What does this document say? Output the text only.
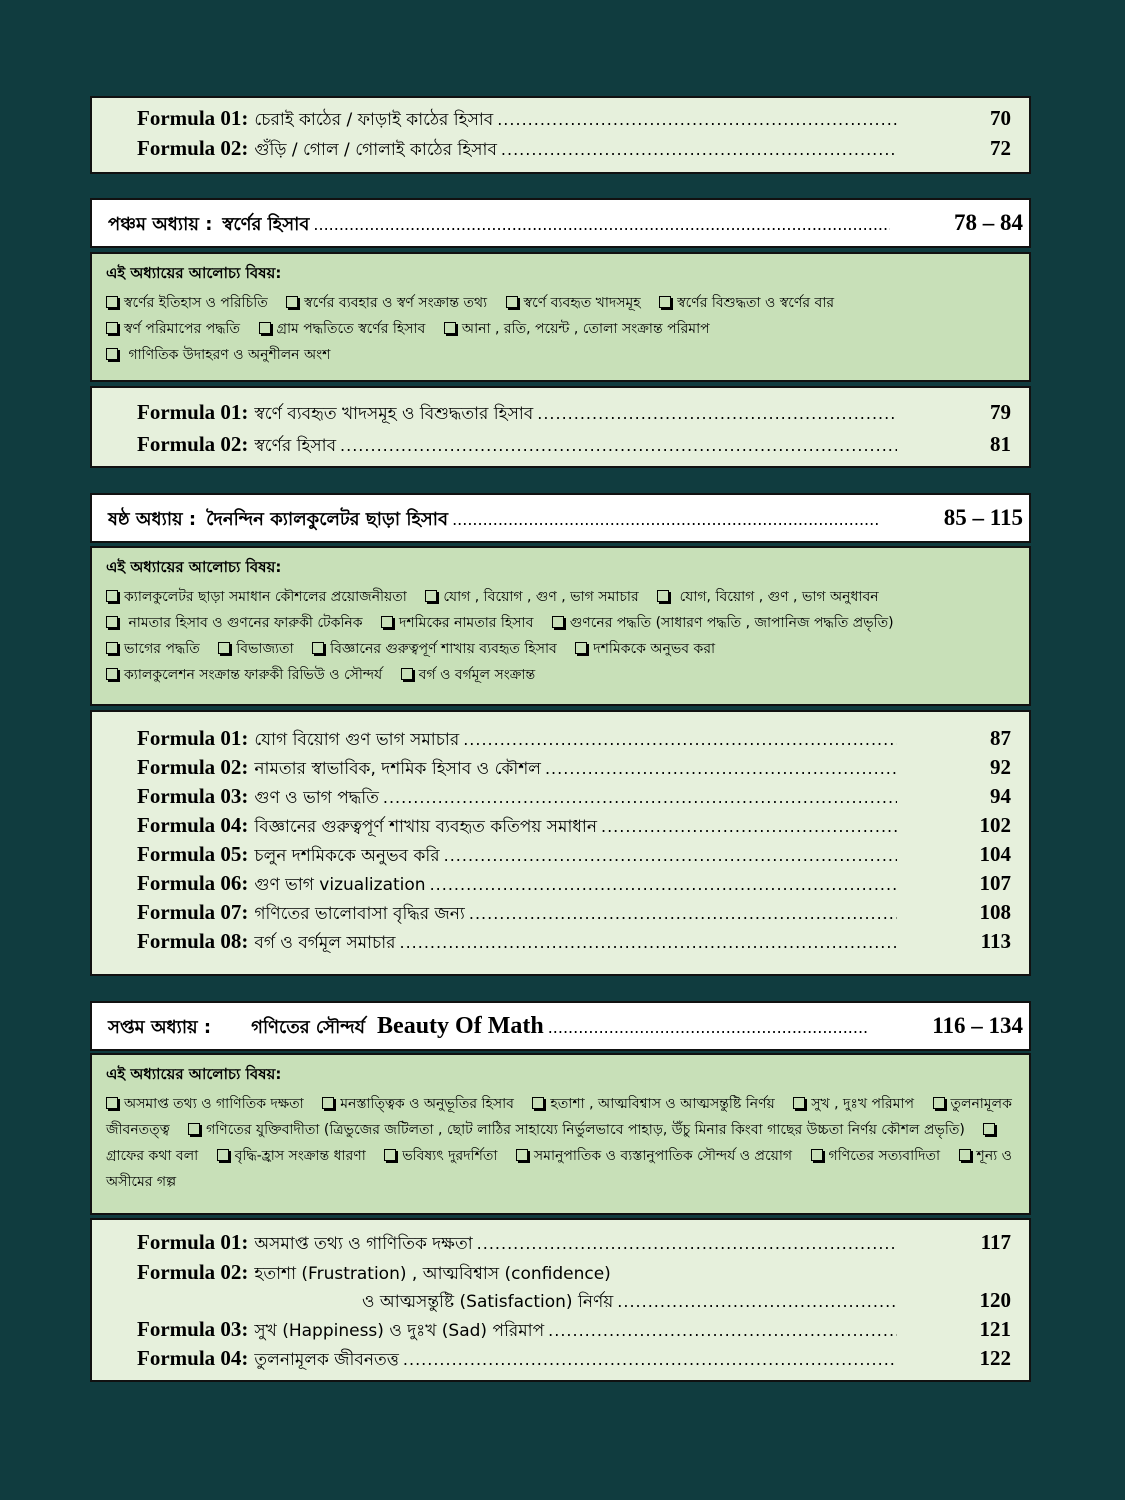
Formula 01: চেরাই কাঠের / ফাড়াই কাঠের হিসাব .....	70
Formula 02: গুঁড়ি / গোল / গোলাই কাঠের হিসাব .....	72
পঞ্চম অধ্যায় : স্বর্ণের হিসাব .....	78 – 84
এই অধ্যায়ের আলোচ্য বিষয়:
স্বর্ণের ইতিহাস ও পরিচিতি	স্বর্ণের ব্যবহার ও স্বর্ণ সংক্রান্ত তথ্য	স্বর্ণে ব্যবহৃত খাদসমূহ	স্বর্ণের বিশুদ্ধতা ও স্বর্ণের বার
স্বর্ণ পরিমাপের পদ্ধতি	গ্রাম পদ্ধতিতে স্বর্ণের হিসাব	আনা , রতি, পয়েন্ট , তোলা সংক্রান্ত পরিমাপ
গাণিতিক উদাহরণ ও অনুশীলন অংশ
Formula 01: স্বর্ণে ব্যবহৃত খাদসমূহ ও বিশুদ্ধতার হিসাব .....	79
Formula 02: স্বর্ণের হিসাব .....	81
ষষ্ঠ অধ্যায় : দৈনন্দিন ক্যালকুলেটর ছাড়া হিসাব .....	85 – 115
এই অধ্যায়ের আলোচ্য বিষয়:
ক্যালকুলেটর ছাড়া সমাধান কৌশলের প্রয়োজনীয়তা	যোগ , বিয়োগ , গুণ , ভাগ সমাচার	যোগ, বিয়োগ , গুণ , ভাগ অনুধাবন
নামতার হিসাব ও গুণনের ফারুকী টেকনিক	দশমিকের নামতার হিসাব	গুণনের পদ্ধতি (সাধারণ পদ্ধতি , জাপানিজ পদ্ধতি প্রভৃতি)
ভাগের পদ্ধতি	বিভাজ্যতা	বিজ্ঞানের গুরুত্বপূর্ণ শাখায় ব্যবহৃত হিসাব	দশমিককে অনুভব করা
ক্যালকুলেশন সংক্রান্ত ফারুকী রিভিউ ও সৌন্দর্য	বর্গ ও বর্গমূল সংক্রান্ত
Formula 01: যোগ বিয়োগ গুণ ভাগ সমাচার .....	87
Formula 02: নামতার স্বাভাবিক, দশমিক হিসাব ও কৌশল .....	92
Formula 03: গুণ ও ভাগ পদ্ধতি .....	94
Formula 04: বিজ্ঞানের গুরুত্বপূর্ণ শাখায় ব্যবহৃত কতিপয় সমাধান .....	102
Formula 05: চলুন দশমিককে অনুভব করি .....	104
Formula 06: গুণ ভাগ vizualization .....	107
Formula 07: গণিতের ভালোবাসা বৃদ্ধির জন্য .....	108
Formula 08: বর্গ ও বর্গমূল সমাচার .....	113
সপ্তম অধ্যায় : গণিতের সৌন্দর্য Beauty Of Math .....	116 – 134
এই অধ্যায়ের আলোচ্য বিষয়:
অসমাপ্ত তথ্য ও গাণিতিক দক্ষতা	মনস্তাত্ত্বিক ও অনুভূতির হিসাব	হতাশা , আত্মবিশ্বাস ও আত্মসন্তুষ্টি নির্ণয়	সুখ , দুঃখ পরিমাপ	তুলনামূলক জীবনতত্ত্ব	গণিতের যুক্তিবাদীতা (ত্রিভুজের জটিলতা , ছোট লাঠির সাহায্যে নির্ভুলভাবে পাহাড়, উঁচু মিনার কিংবা গাছের উচ্চতা নির্ণয় কৌশল প্রভৃতি) গ্রাফের কথা বলা	বৃদ্ধি-হ্রাস সংক্রান্ত ধারণা	ভবিষ্যৎ দুরদর্শিতা	সমানুপাতিক ও ব্যস্তানুপাতিক সৌন্দর্য ও প্রয়োগ	গণিতের সত্যবাদিতা	শূন্য ও অসীমের গল্প
Formula 01: অসমাপ্ত তথ্য ও গাণিতিক দক্ষতা .....	117
Formula 02: হতাশা (Frustration) , আত্মবিশ্বাস (confidence)
ও আত্মসন্তুষ্টি (Satisfaction) নির্ণয় .....	120
Formula 03: সুখ (Happiness) ও দুঃখ (Sad) পরিমাপ .....	121
Formula 04: তুলনামূলক জীবনতত্ত .....	122
